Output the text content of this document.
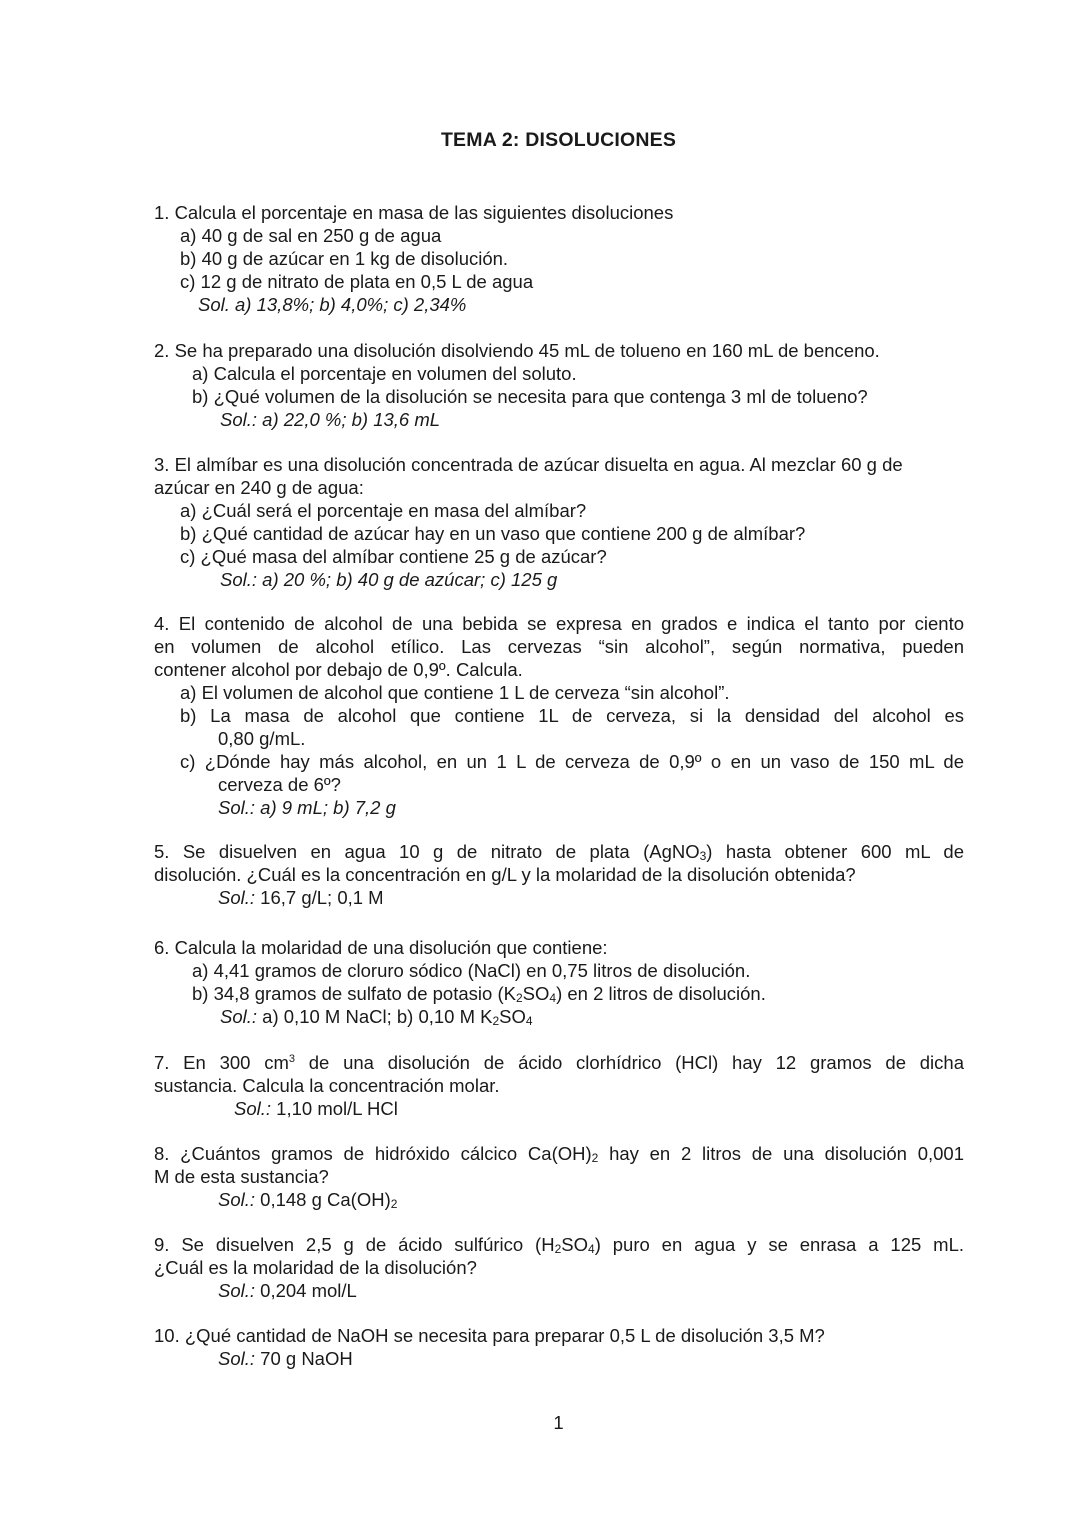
TEMA 2: DISOLUCIONES
1. Calcula el porcentaje en masa de las siguientes disoluciones
a) 40 g de sal en 250 g de agua
b) 40 g de azúcar en 1 kg de disolución.
c) 12 g de nitrato de plata en 0,5 L de agua
Sol. a) 13,8%; b) 4,0%; c) 2,34%
2. Se ha preparado una disolución disolviendo 45 mL de tolueno en 160 mL de benceno.
a) Calcula el porcentaje en volumen del soluto.
b) ¿Qué volumen de la disolución se necesita para que contenga 3 ml de tolueno?
Sol.: a) 22,0 %; b) 13,6 mL
3. El almíbar es una disolución concentrada de azúcar disuelta en agua. Al mezclar 60 g de
azúcar en 240 g de agua:
a) ¿Cuál será el porcentaje en masa del almíbar?
b) ¿Qué cantidad de azúcar hay en un vaso que contiene 200 g de almíbar?
c) ¿Qué masa del almíbar contiene 25 g de azúcar?
Sol.: a) 20 %; b) 40 g de azúcar; c) 125 g
4. El contenido de alcohol de una bebida se expresa en grados e indica el tanto por ciento
en volumen de alcohol etílico. Las cervezas “sin alcohol”, según normativa, pueden
contener alcohol por debajo de 0,9º. Calcula.
a) El volumen de alcohol que contiene 1 L de cerveza “sin alcohol”.
b) La masa de alcohol que contiene 1L de cerveza, si la densidad del alcohol es
0,80 g/mL.
c) ¿Dónde hay más alcohol, en un 1 L de cerveza de 0,9º o en un vaso de 150 mL de
cerveza de 6º?
Sol.: a) 9 mL; b) 7,2 g
5. Se disuelven en agua 10 g de nitrato de plata (AgNO$_3$) hasta obtener 600 mL de
disolución. ¿Cuál es la concentración en g/L y la molaridad de la disolución obtenida?
Sol.: 16,7 g/L; 0,1 M
6. Calcula la molaridad de una disolución que contiene:
a) 4,41 gramos de cloruro sódico (NaCl) en 0,75 litros de disolución.
b) 34,8 gramos de sulfato de potasio $(K_2SO_4)$ en 2 litros de disolución.
Sol.: a) 0,10 M NaCl; b) 0,10 M $K_2SO_4$
7. En 300 $cm^3$ de una disolución de ácido clorhídrico (HCl) hay 12 gramos de dicha
sustancia. Calcula la concentración molar.
Sol.: 1,10 mol/L HCl
8. ¿Cuántos gramos de hidróxido cálcico $Ca(OH)_2$ hay en 2 litros de una disolución 0,001
M de esta sustancia?
Sol.: 0,148 g $Ca(OH)_2$
9. Se disuelven 2,5 g de ácido sulfúrico $(H_2SO_4)$ puro en agua y se enrasa a 125 mL.
¿Cuál es la molaridad de la disolución?
Sol.: 0,204 mol/L
10. ¿Qué cantidad de NaOH se necesita para preparar 0,5 L de disolución 3,5 M?
Sol.: 70 g NaOH
1
